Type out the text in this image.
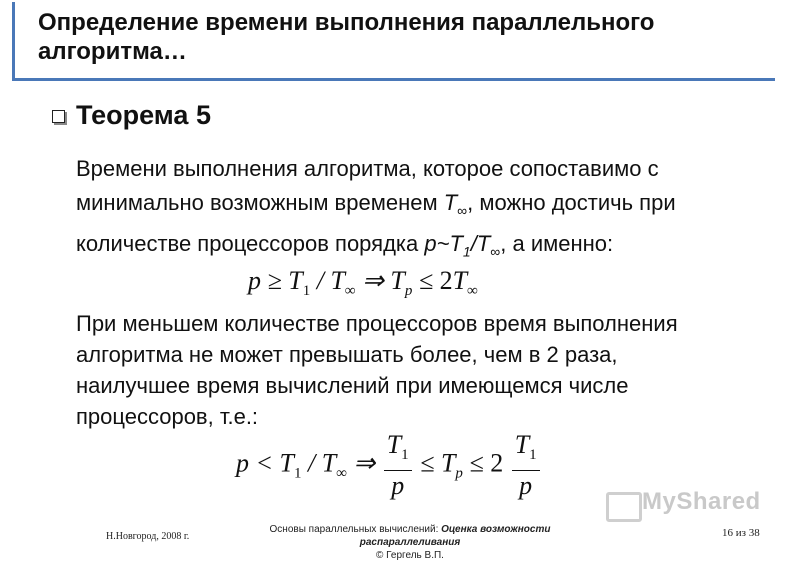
Определение времени выполнения параллельного алгоритма…
Теорема 5
Времени выполнения алгоритма, которое сопоставимо с
минимально возможным временем $T_\infty$, можно достичь при
количестве процессоров порядка $p\sim T_1/T_\infty$, а именно:
$p \ge T_1 / T_\infty$ ⇒ $T_p \le 2T_\infty$
При меньшем количестве процессоров время выполнения
алгоритма не может превышать более, чем в 2 раза,
наилучшее время вычислений при имеющемся числе
процессоров, т.е.:
$p < T_1 / T_\infty$ ⇒ $\frac{T_1}{p} \le T_p \le 2 \frac{T_1}{p}$
MyShared
Н.Новгород, 2008 г.
Основы параллельных вычислений: Оценка возможности распараллеливания
© Гергель В.П.
16 из 38
